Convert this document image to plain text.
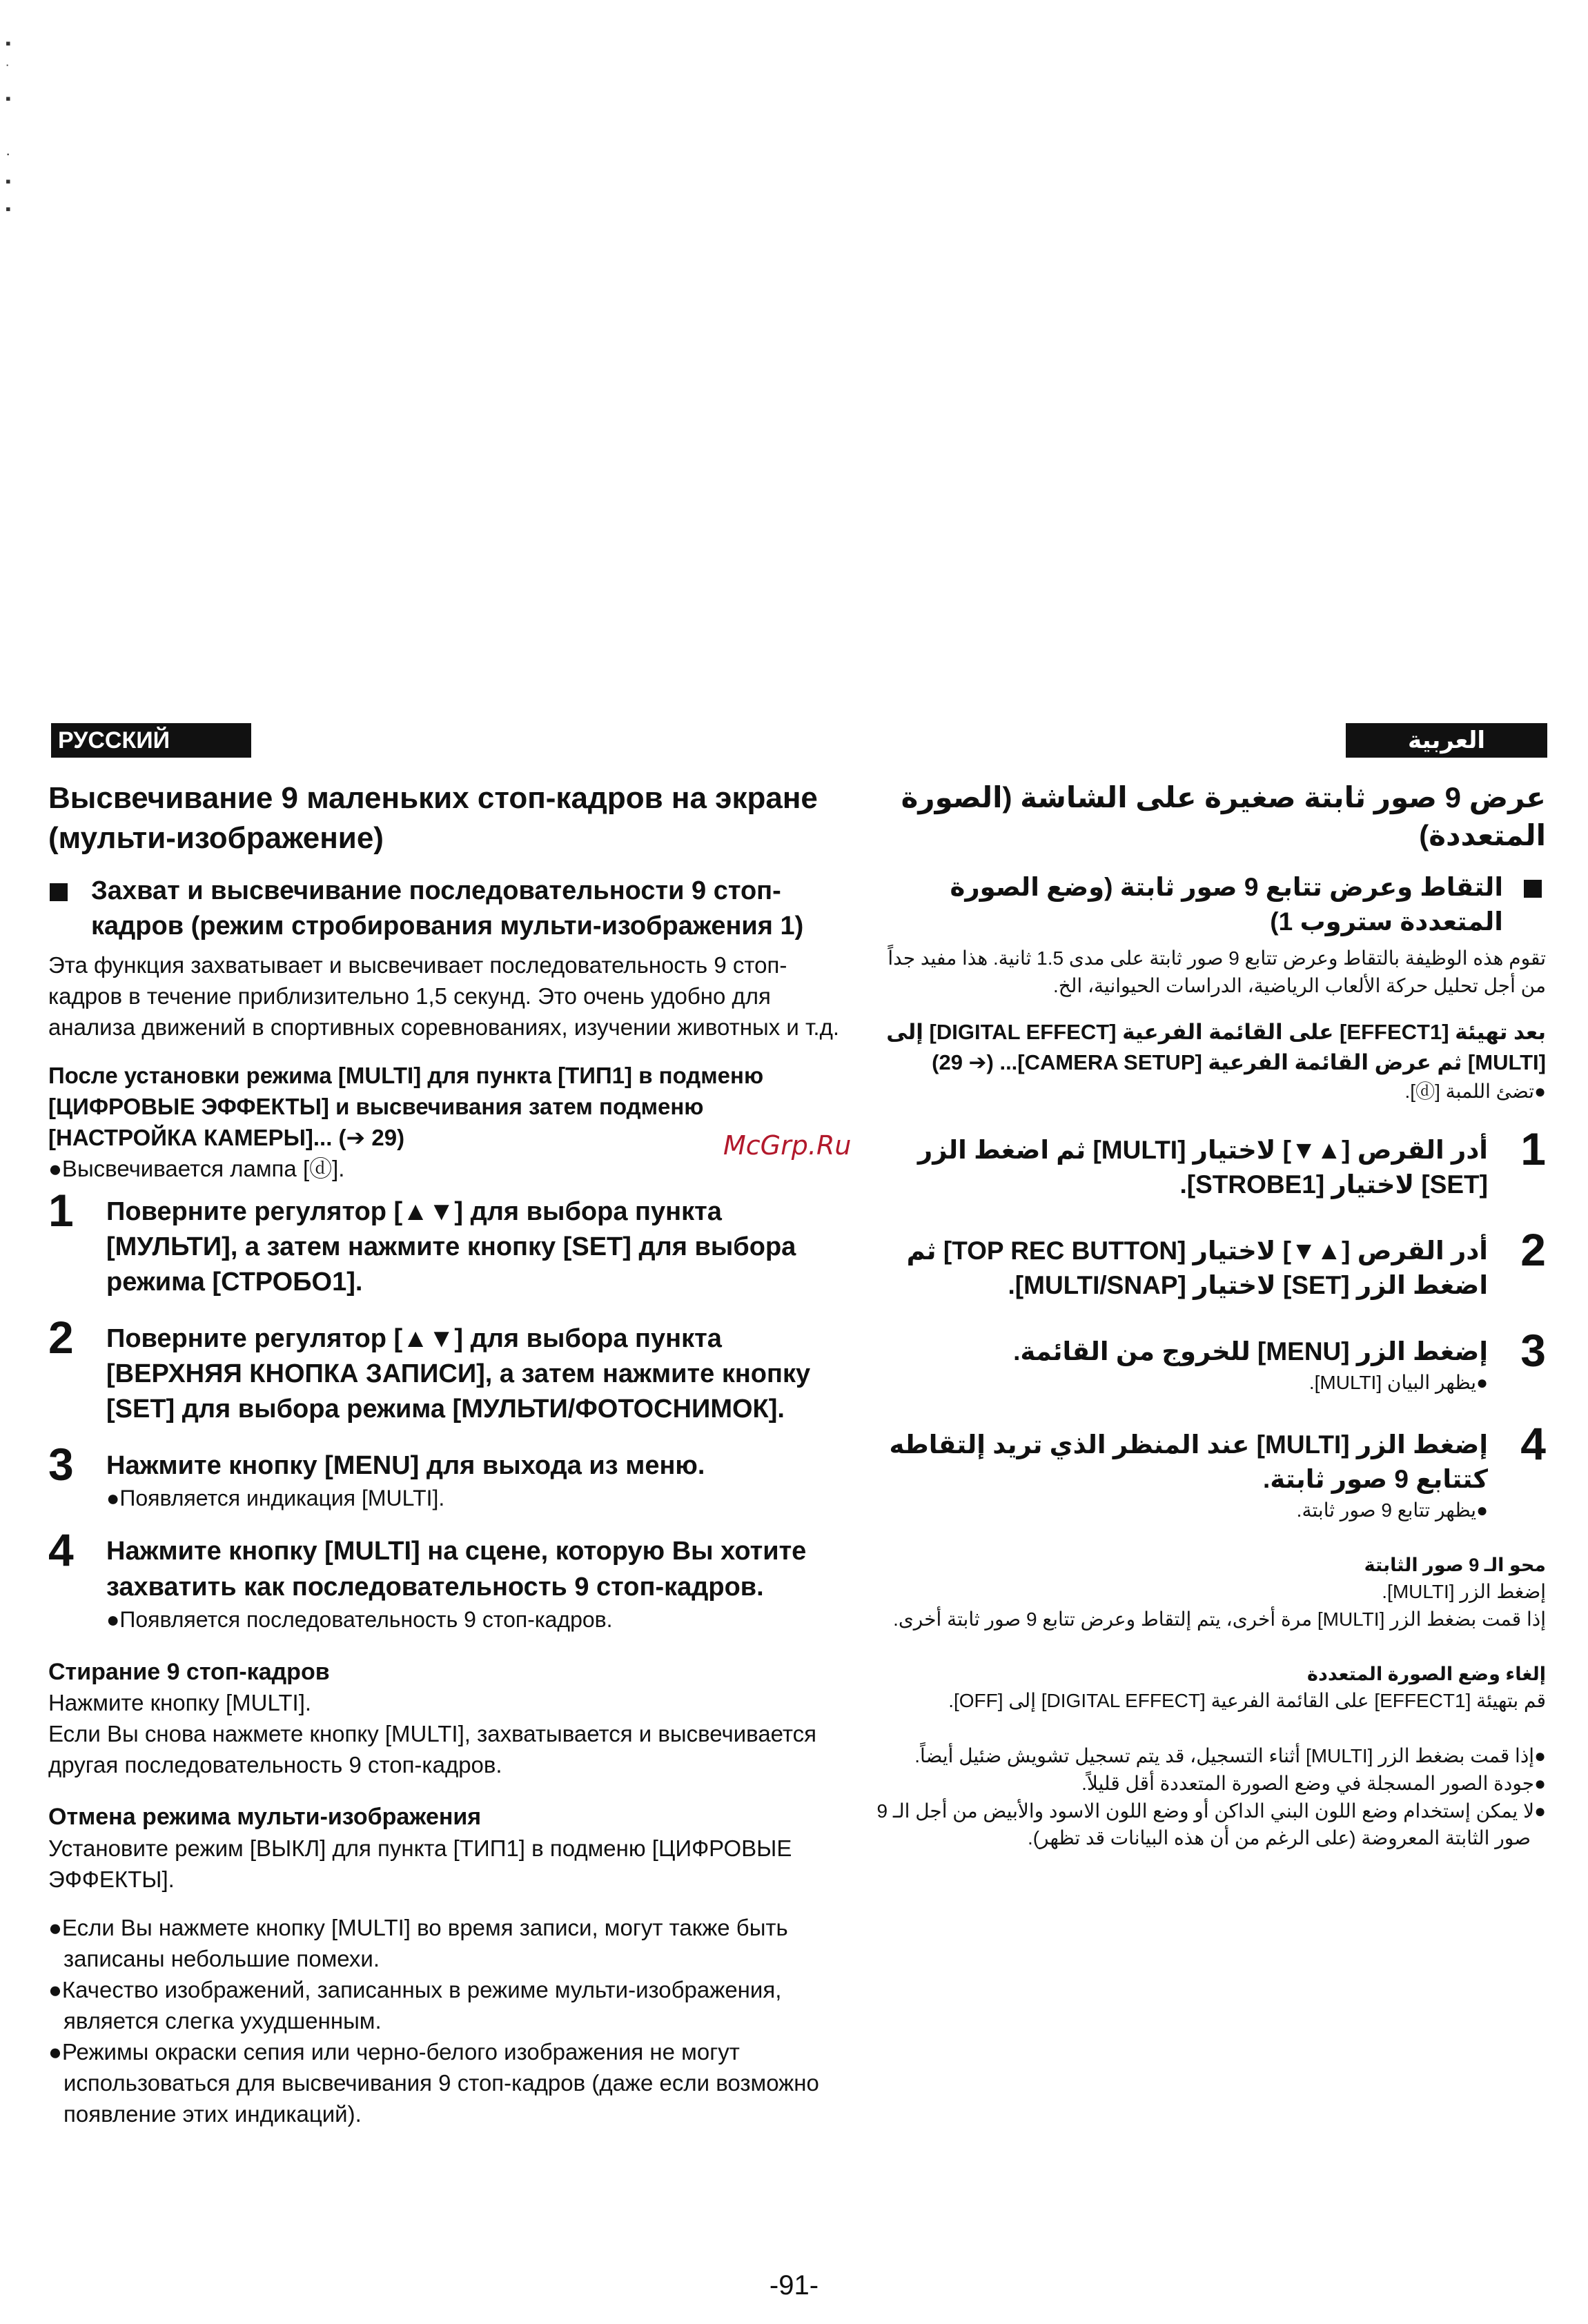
▪
˙
▪
·
▪
▪
РУССКИЙ ЯЗЫК
العربية
Высвечивание 9 маленьких стоп-кадров на экране (мульти-изображение)
Захват и высвечивание последовательности 9 стоп-кадров (режим стробирования мульти-изображения 1)
Эта функция захватывает и высвечивает последовательность 9 стоп-кадров в течение приблизительно 1,5 секунд. Это очень удобно для анализа движений в спортивных соревнованиях, изучении животных и т.д.
После установки режима [MULTI] для пункта [ТИП1] в подменю [ЦИФРОВЫЕ ЭФФЕКТЫ] и высвечивания затем подменю [НАСТРОЙКА КАМЕРЫ]... (➔ 29)
●Высвечивается лампа [ⓓ].
1 Поверните регулятор [▲▼] для выбора пункта [МУЛЬТИ], а затем нажмите кнопку [SET] для выбора режима [СТРОБО1].
2 Поверните регулятор [▲▼] для выбора пункта [ВЕРХНЯЯ КНОПКА ЗАПИСИ], а затем нажмите кнопку [SET] для выбора режима [МУЛЬТИ/ФОТОСНИМОК].
3 Нажмите кнопку [MENU] для выхода из меню.
●Появляется индикация [MULTI].
4 Нажмите кнопку [MULTI] на сцене, которую Вы хотите захватить как последовательность 9 стоп-кадров.
●Появляется последовательность 9 стоп-кадров.
Стирание 9 стоп-кадров
Нажмите кнопку [MULTI].
Если Вы снова нажмете кнопку [MULTI], захватывается и высвечивается другая последовательность 9 стоп-кадров.
Отмена режима мульти-изображения
Установите режим [ВЫКЛ] для пункта [ТИП1] в подменю [ЦИФРОВЫЕ ЭФФЕКТЫ].
●Если Вы нажмете кнопку [MULTI] во время записи, могут также быть записаны небольшие помехи.
●Качество изображений, записанных в режиме мульти-изображения, является слегка ухудшенным.
●Режимы окраски сепия или черно-белого изображения не могут использоваться для высвечивания 9 стоп-кадров (даже если возможно появление этих индикаций).
عرض 9 صور ثابتة صغيرة على الشاشة (الصورة المتعددة)
التقاط وعرض تتابع 9 صور ثابتة (وضع الصورة المتعددة ستروب 1)
تقوم هذه الوظيفة بالتقاط وعرض تتابع 9 صور ثابتة على مدى 1.5 ثانية. هذا مفيد جداً من أجل تحليل حركة الألعاب الرياضية، الدراسات الحيوانية، الخ.
بعد تهيئة [EFFECT1] على القائمة الفرعية [DIGITAL EFFECT] إلى [MULTI] ثم عرض القائمة الفرعية [CAMERA SETUP]... (➔ 29)
●تضئ اللمبة [ⓓ].
1
أدر القرص [▲▼] لاختيار [MULTI] ثم اضغط الزر [SET] لاختيار [STROBE1].
2
أدر القرص [▲▼] لاختيار [TOP REC BUTTON] ثم اضغط الزر [SET] لاختيار [MULTI/SNAP].
3
إضغط الزر [MENU] للخروج من القائمة.
●يظهر البيان [MULTI].
4
إضغط الزر [MULTI] عند المنظر الذي تريد إلتقاطه كتتابع 9 صور ثابتة.
●يظهر تتابع 9 صور ثابتة.
محو الـ 9 صور الثابتة
إضغط الزر [MULTI].
إذا قمت بضغط الزر [MULTI] مرة أخرى، يتم إلتقاط وعرض تتابع 9 صور ثابتة أخرى.
إلغاء وضع الصورة المتعددة
قم بتهيئة [EFFECT1] على القائمة الفرعية [DIGITAL EFFECT] إلى [OFF].
●إذا قمت بضغط الزر [MULTI] أثناء التسجيل، قد يتم تسجيل تشويش ضئيل أيضاً.
●جودة الصور المسجلة في وضع الصورة المتعددة أقل قليلاً.
●لا يمكن إستخدام وضع اللون البني الداكن أو وضع اللون الاسود والأبيض من أجل الـ 9 صور الثابتة المعروضة (على الرغم من أن هذه البيانات قد تظهر).
McGrp.Ru
-91-
